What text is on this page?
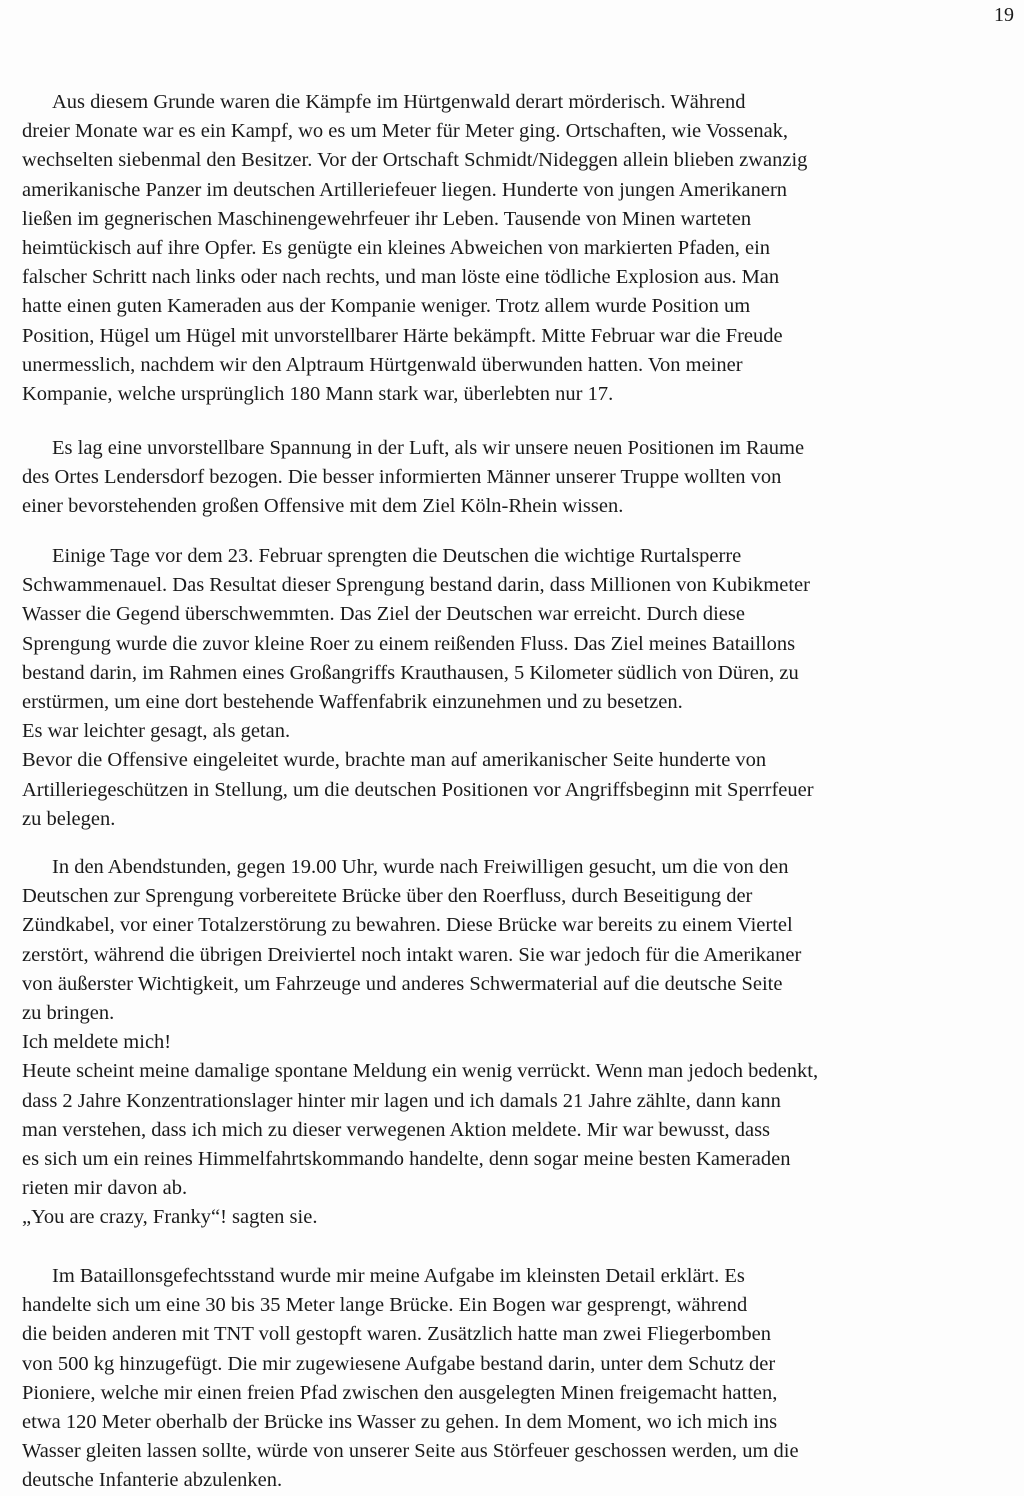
19

Aus diesem Grunde waren die Kämpfe im Hürtgenwald derart mörderisch. Während
dreier Monate war es ein Kampf, wo es um Meter für Meter ging. Ortschaften, wie Vossenak,
wechselten siebenmal den Besitzer. Vor der Ortschaft Schmidt/Nideggen allein blieben zwanzig
amerikanische Panzer im deutschen Artilleriefeuer liegen. Hunderte von jungen Amerikanern
ließen im gegnerischen Maschinengewehrfeuer ihr Leben. Tausende von Minen warteten
heimtückisch auf ihre Opfer. Es genügte ein kleines Abweichen von markierten Pfaden, ein
falscher Schritt nach links oder nach rechts, und man löste eine tödliche Explosion aus. Man
hatte einen guten Kameraden aus der Kompanie weniger. Trotz allem wurde Position um
Position, Hügel um Hügel mit unvorstellbarer Härte bekämpft. Mitte Februar war die Freude
unermesslich, nachdem wir den Alptraum Hürtgenwald überwunden hatten. Von meiner
Kompanie, welche ursprünglich 180 Mann stark war, überlebten nur 17.

Es lag eine unvorstellbare Spannung in der Luft, als wir unsere neuen Positionen im Raume
des Ortes Lendersdorf bezogen. Die besser informierten Männer unserer Truppe wollten von
einer bevorstehenden großen Offensive mit dem Ziel Köln-Rhein wissen.

Einige Tage vor dem 23. Februar sprengten die Deutschen die wichtige Rurtalsperre
Schwammenauel. Das Resultat dieser Sprengung bestand darin, dass Millionen von Kubikmeter
Wasser die Gegend überschwemmten. Das Ziel der Deutschen war erreicht. Durch diese
Sprengung wurde die zuvor kleine Roer zu einem reißenden Fluss. Das Ziel meines Bataillons
bestand darin, im Rahmen eines Großangriffs Krauthausen, 5 Kilometer südlich von Düren, zu
erstürmen, um eine dort bestehende Waffenfabrik einzunehmen und zu besetzen.
Es war leichter gesagt, als getan.
Bevor die Offensive eingeleitet wurde, brachte man auf amerikanischer Seite hunderte von
Artilleriegeschützen in Stellung, um die deutschen Positionen vor Angriffsbeginn mit Sperrfeuer
zu belegen.

In den Abendstunden, gegen 19.00 Uhr, wurde nach Freiwilligen gesucht, um die von den
Deutschen zur Sprengung vorbereitete Brücke über den Roerfluss, durch Beseitigung der
Zündkabel, vor einer Totalzerstörung zu bewahren. Diese Brücke war bereits zu einem Viertel
zerstört, während die übrigen Dreiviertel noch intakt waren. Sie war jedoch für die Amerikaner
von äußerster Wichtigkeit, um Fahrzeuge und anderes Schwermaterial auf die deutsche Seite
zu bringen.
Ich meldete mich!
Heute scheint meine damalige spontane Meldung ein wenig verrückt. Wenn man jedoch bedenkt,
dass 2 Jahre Konzentrationslager hinter mir lagen und ich damals 21 Jahre zählte, dann kann
man verstehen, dass ich mich zu dieser verwegenen Aktion meldete. Mir war bewusst, dass
es sich um ein reines Himmelfahrtskommando handelte, denn sogar meine besten Kameraden
rieten mir davon ab.
„You are crazy, Franky“! sagten sie.

Im Bataillonsgefechtsstand wurde mir meine Aufgabe im kleinsten Detail erklärt. Es
handelte sich um eine 30 bis 35 Meter lange Brücke. Ein Bogen war gesprengt, während
die beiden anderen mit TNT voll gestopft waren. Zusätzlich hatte man zwei Fliegerbomben
von 500 kg hinzugefügt. Die mir zugewiesene Aufgabe bestand darin, unter dem Schutz der
Pioniere, welche mir einen freien Pfad zwischen den ausgelegten Minen freigemacht hatten,
etwa 120 Meter oberhalb der Brücke ins Wasser zu gehen. In dem Moment, wo ich mich ins
Wasser gleiten lassen sollte, würde von unserer Seite aus Störfeuer geschossen werden, um die
deutsche Infanterie abzulenken.
